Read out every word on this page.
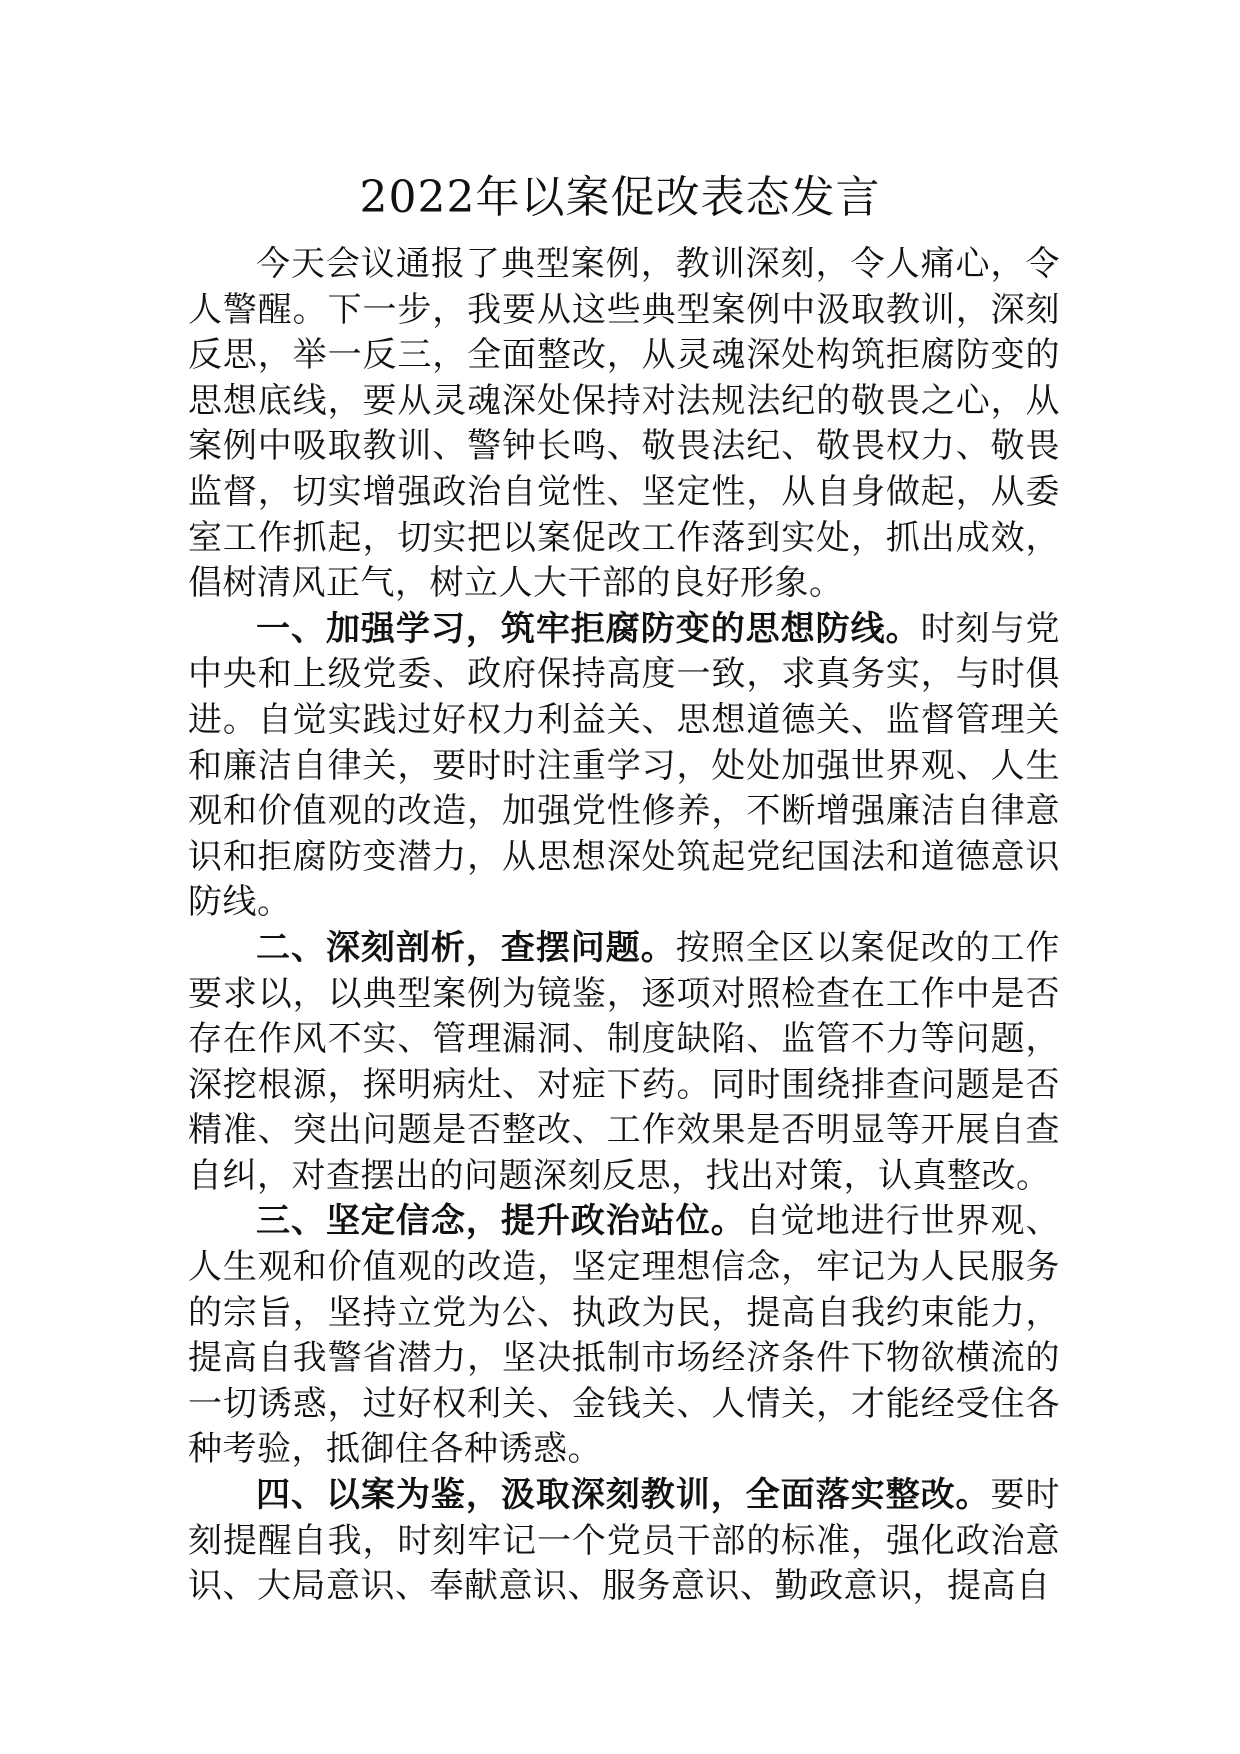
2022年以案促改表态发言

今天会议通报了典型案例，教训深刻，令人痛心，令人警醒。下一步，我要从这些典型案例中汲取教训，深刻反思，举一反三，全面整改，从灵魂深处构筑拒腐防变的思想底线，要从灵魂深处保持对法规法纪的敬畏之心，从案例中吸取教训、警钟长鸣、敬畏法纪、敬畏权力、敬畏监督，切实增强政治自觉性、坚定性，从自身做起，从委室工作抓起，切实把以案促改工作落到实处，抓出成效，倡树清风正气，树立人大干部的良好形象。

一、加强学习，筑牢拒腐防变的思想防线。时刻与党中央和上级党委、政府保持高度一致，求真务实，与时俱进。自觉实践过好权力利益关、思想道德关、监督管理关和廉洁自律关，要时时注重学习，处处加强世界观、人生观和价值观的改造，加强党性修养，不断增强廉洁自律意识和拒腐防变潜力，从思想深处筑起党纪国法和道德意识防线。

二、深刻剖析，查摆问题。按照全区以案促改的工作要求以，以典型案例为镜鉴，逐项对照检查在工作中是否存在作风不实、管理漏洞、制度缺陷、监管不力等问题，深挖根源，探明病灶、对症下药。同时围绕排查问题是否精准、突出问题是否整改、工作效果是否明显等开展自查自纠，对查摆出的问题深刻反思，找出对策，认真整改。

三、坚定信念，提升政治站位。自觉地进行世界观、人生观和价值观的改造，坚定理想信念，牢记为人民服务的宗旨，坚持立党为公、执政为民，提高自我约束能力，提高自我警省潜力，坚决抵制市场经济条件下物欲横流的一切诱惑，过好权利关、金钱关、人情关，才能经受住各种考验，抵御住各种诱惑。

四、以案为鉴，汲取深刻教训，全面落实整改。要时刻提醒自我，时刻牢记一个党员干部的标准，强化政治意识、大局意识、奉献意识、服务意识、勤政意识，提高自
